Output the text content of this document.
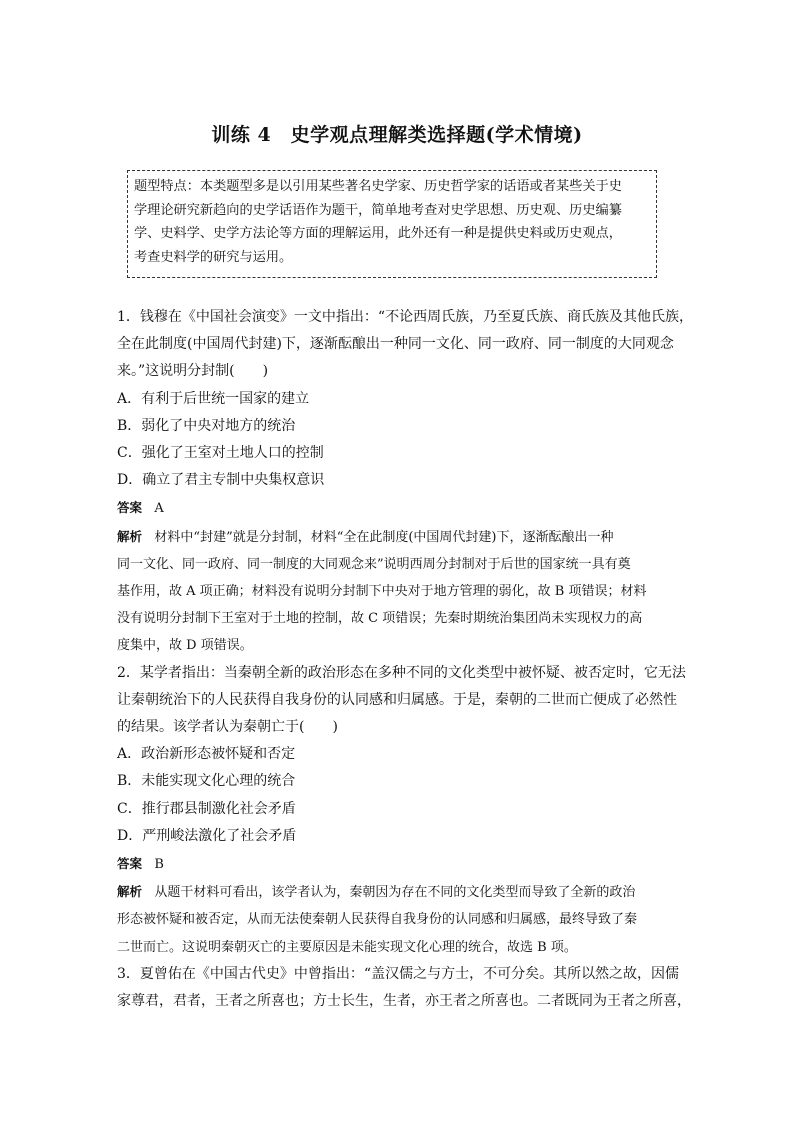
训练 4　史学观点理解类选择题(学术情境)

题型特点：本类题型多是以引用某些著名史学家、历史哲学家的话语或者某些关于史

学理论研究新趋向的史学话语作为题干，简单地考查对史学思想、历史观、历史编纂

学、史料学、史学方法论等方面的理解运用，此外还有一种是提供史料或历史观点，

考查史料学的研究与运用。

1．钱穆在《中国社会演变》一文中指出：“不论西周氏族，乃至夏氏族、商氏族及其他氏族，

全在此制度(中国周代封建)下，逐渐酝酿出一种同一文化、同一政府、同一制度的大同观念

来。”这说明分封制(　　)

A．有利于后世统一国家的建立

B．弱化了中央对地方的统治

C．强化了王室对土地人口的控制

D．确立了君主专制中央集权意识

答案 A

解析 材料中“封建”就是分封制，材料“全在此制度(中国周代封建)下，逐渐酝酿出一种

同一文化、同一政府、同一制度的大同观念来”说明西周分封制对于后世的国家统一具有奠

基作用，故 A 项正确；材料没有说明分封制下中央对于地方管理的弱化，故 B 项错误；材料

没有说明分封制下王室对于土地的控制，故 C 项错误；先秦时期统治集团尚未实现权力的高

度集中，故 D 项错误。

2．某学者指出：当秦朝全新的政治形态在多种不同的文化类型中被怀疑、被否定时，它无法

让秦朝统治下的人民获得自我身份的认同感和归属感。于是，秦朝的二世而亡便成了必然性

的结果。该学者认为秦朝亡于(　　)

A．政治新形态被怀疑和否定

B．未能实现文化心理的统合

C．推行郡县制激化社会矛盾

D．严刑峻法激化了社会矛盾

答案 B

解析 从题干材料可看出，该学者认为，秦朝因为存在不同的文化类型而导致了全新的政治

形态被怀疑和被否定，从而无法使秦朝人民获得自我身份的认同感和归属感，最终导致了秦

二世而亡。这说明秦朝灭亡的主要原因是未能实现文化心理的统合，故选 B 项。

3．夏曾佑在《中国古代史》中曾指出：“盖汉儒之与方士，不可分矣。其所以然之故，因儒

家尊君，君者，王者之所喜也；方士长生，生者，亦王者之所喜也。二者既同为王者之所喜，
